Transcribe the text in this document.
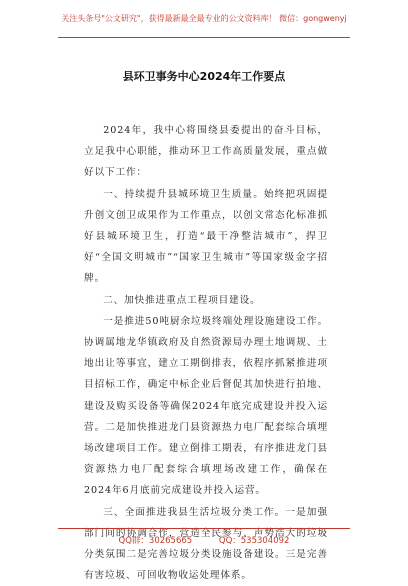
关注头条号"公文研究"，获得最新最全最专业的公文资料库！ 微信：gongwenyj
县环卫事务中心2024年工作要点

2024年，我中心将围绕县委提出的奋斗目标，立足我中心职能，推动环卫工作高质量发展，重点做好以下工作：

一、持续提升县城环境卫生质量。始终把巩固提升创文创卫成果作为工作重点，以创文常态化标准抓好县城环境卫生，打造“最干净整洁城市”，捍卫好“全国文明城市”“国家卫生城市”等国家级金字招牌。

二、加快推进重点工程项目建设。

一是推进50吨厨余垃圾终端处理设施建设工作。协调属地龙华镇政府及自然资源局办理土地调规、土地出让等事宜，建立工期倒排表，依程序抓紧推进项目招标工作，确定中标企业后督促其加快进行拍地、建设及购买设备等确保2024年底完成建设并投入运营。二是加快推进龙门县资源热力电厂配套综合填埋场改建项目工作。建立倒排工期表，有序推进龙门县资源热力电厂配套综合填埋场改建工作，确保在2024年6月底前完成建设并投入运营。

三、全面推进我县生活垃圾分类工作。一是加强部门间的协调合作，营造全民参与、声势浩大的垃圾分类氛围二是完善垃圾分类设施设备建设。三是完善有害垃圾、可回收物收运处理体系。

QQ群：30265665	QQ：535304092
